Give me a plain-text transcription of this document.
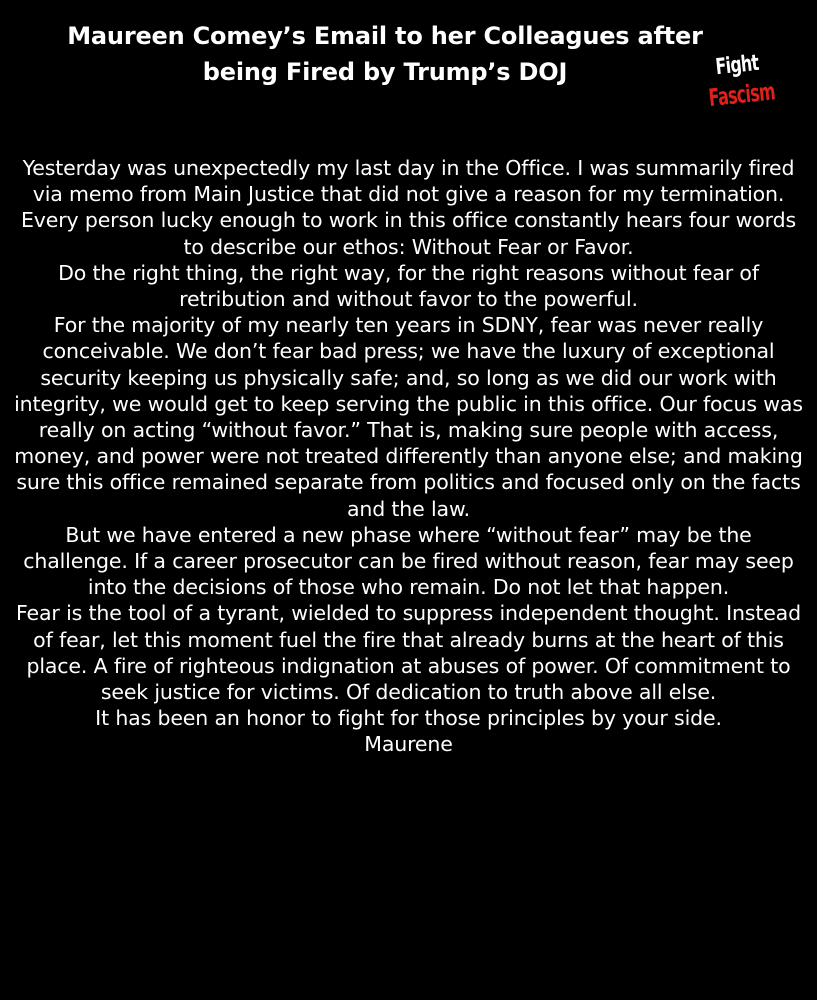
Maureen Comey’s Email to her Colleagues after
being Fired by Trump’s DOJ	Fight
Fascism

Yesterday was unexpectedly my last day in the Office. I was summarily fired via memo from Main Justice that did not give a reason for my termination.

Every person lucky enough to work in this office constantly hears four words to describe our ethos: Without Fear or Favor.

Do the right thing, the right way, for the right reasons without fear of retribution and without favor to the powerful.

For the majority of my nearly ten years in SDNY, fear was never really conceivable. We don’t fear bad press; we have the luxury of exceptional security keeping us physically safe; and, so long as we did our work with integrity, we would get to keep serving the public in this office. Our focus was really on acting “without favor.” That is, making sure people with access, money, and power were not treated differently than anyone else; and making sure this office remained separate from politics and focused only on the facts and the law.

But we have entered a new phase where “without fear” may be the challenge. If a career prosecutor can be fired without reason, fear may seep into the decisions of those who remain. Do not let that happen.

Fear is the tool of a tyrant, wielded to suppress independent thought. Instead of fear, let this moment fuel the fire that already burns at the heart of this place. A fire of righteous indignation at abuses of power. Of commitment to seek justice for victims. Of dedication to truth above all else.

It has been an honor to fight for those principles by your side.

Maurene
